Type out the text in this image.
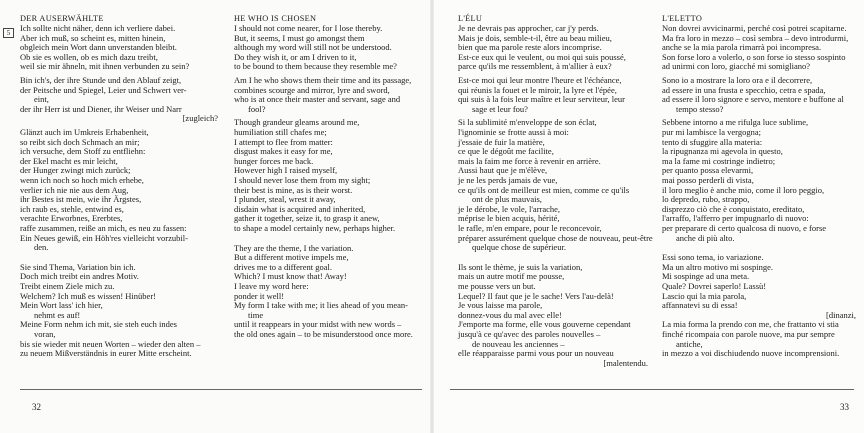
5
DER AUSERWÄHLTE
Ich sollte nicht näher, denn ich verliere dabei.
Aber ich muß, so scheint es, mitten hinein,
obgleich mein Wort dann unverstanden bleibt.
Ob sie es wollen, ob es mich dazu treibt,
weil sie mir ähneln, mit ihnen verbunden zu sein?
Bin ich's, der ihre Stunde und den Ablauf zeigt,
der Peitsche und Spiegel, Leier und Schwert ver-
eint,
der ihr Herr ist und Diener, ihr Weiser und Narr
[zugleich?
Glänzt auch im Umkreis Erhabenheit,
so reibt sich doch Schmach an mir;
ich versuche, dem Stoff zu entfliehn:
der Ekel macht es mir leicht,
der Hunger zwingt mich zurück;
wenn ich noch so hoch mich erhebe,
verlier ich nie nie aus dem Aug,
ihr Bestes ist mein, wie ihr Ärgstes,
ich raub es, stehle, entwind es,
verachte Erworbnes, Ererbtes,
raffe zusammen, reiße an mich, es neu zu fassen:
Ein Neues gewiß, ein Höh'res vielleicht vorzubil-
den.
Sie sind Thema, Variation bin ich.
Doch mich treibt ein andres Motiv.
Treibt einem Ziele mich zu.
Welchem? Ich muß es wissen! Hinüber!
Mein Wort lass' ich hier,
nehmt es auf!
Meine Form nehm ich mit, sie steh euch indes
voran,
bis sie wieder mit neuen Worten – wieder den alten –
zu neuem Mißverständnis in eurer Mitte erscheint.
HE WHO IS CHOSEN
I should not come nearer, for I lose thereby.
But, it seems, I must go amongst them
although my word will still not be understood.
Do they wish it, or am I driven to it,
to be bound to them because they resemble me?
Am I he who shows them their time and its passage,
combines scourge and mirror, lyre and sword,
who is at once their master and servant, sage and
fool?
Though grandeur gleams around me,
humiliation still chafes me;
I attempt to flee from matter:
disgust makes it easy for me,
hunger forces me back.
However high I raised myself,
I should never lose them from my sight;
their best is mine, as is their worst.
I plunder, steal, wrest it away,
disdain what is acquired and inherited,
gather it together, seize it, to grasp it anew,
to shape a model certainly new, perhaps higher.
They are the theme, I the variation.
But a different motive impels me,
drives me to a different goal.
Which? I must know that! Away!
I leave my word here:
ponder it well!
My form I take with me; it lies ahead of you mean-
time
until it reappears in your midst with new words –
the old ones again – to be misunderstood once more.
L'ÉLU
Je ne devrais pas approcher, car j'y perds.
Mais je dois, semble-t-il, être au beau milieu,
bien que ma parole reste alors incomprise.
Est-ce eux qui le veulent, ou moi qui suis poussé,
parce qu'ils me ressemblent, à m'allier à eux?
Est-ce moi qui leur montre l'heure et l'échéance,
qui réunis la fouet et le miroir, la lyre et l'épée,
qui suis à la fois leur maître et leur serviteur, leur
sage et leur fou?
Si la sublimité m'enveloppe de son éclat,
l'ignominie se frotte aussi à moi:
j'essaie de fuir la matière,
ce que le dégoût me facilite,
mais la faim me force à revenir en arrière.
Aussi haut que je m'élève,
je ne les perds jamais de vue,
ce qu'ils ont de meilleur est mien, comme ce qu'ils
ont de plus mauvais,
je le dérobe, le vole, l'arrache,
méprise le bien acquis, hérité,
le rafle, m'en empare, pour le reconcevoir,
préparer assurément quelque chose de nouveau, peut-être
quelque chose de supérieur.
Ils sont le thème, je suis la variation,
mais un autre motif me pousse,
me pousse vers un but.
Lequel? Il faut que je le sache! Vers l'au-delà!
Je vous laisse ma parole,
donnez-vous du mal avec elle!
J'emporte ma forme, elle vous gouverne cependant
jusqu'à ce qu'avec des paroles nouvelles –
de nouveau les anciennes –
elle réapparaisse parmi vous pour un nouveau
[malentendu.
L'ELETTO
Non dovrei avvicinarmi, perché così potrei scapitarne.
Ma fra loro in mezzo – così sembra – devo introdurmi,
anche se la mia parola rimarrà poi incompresa.
Son forse loro a volerlo, o son forse io stesso sospinto
ad unirmi con loro, giacché mi somigliano?
Sono io a mostrare la loro ora e il decorrere,
ad essere in una frusta e specchio, cetra e spada,
ad essere il loro signore e servo, mentore e buffone al
tempo stesso?
Sebbene intorno a me rifulga luce sublime,
pur mi lambisce la vergogna;
tento di sfuggire alla materia:
la ripugnanza mi agevola in questo,
ma la fame mi costringe indietro;
per quanto possa elevarmi,
mai posso perderli di vista,
il loro meglio è anche mio, come il loro peggio,
lo depredo, rubo, strappo,
disprezzo ciò che è conquistato, ereditato,
l'arraffo, l'afferro per impugnarlo di nuovo:
per preparare di certo qualcosa di nuovo, e forse
anche di più alto.
Essi sono tema, io variazione.
Ma un altro motivo mi sospinge.
Mi sospinge ad una meta.
Quale? Dovrei saperlo! Lassù!
Lascio qui la mia parola,
affannatevi su di essa!
[dinanzi,
La mia forma la prendo con me, che frattanto vi stia
finché ricompaia con parole nuove, ma pur sempre
antiche,
in mezzo a voi dischiudendo nuove incomprensioni.
32	33
